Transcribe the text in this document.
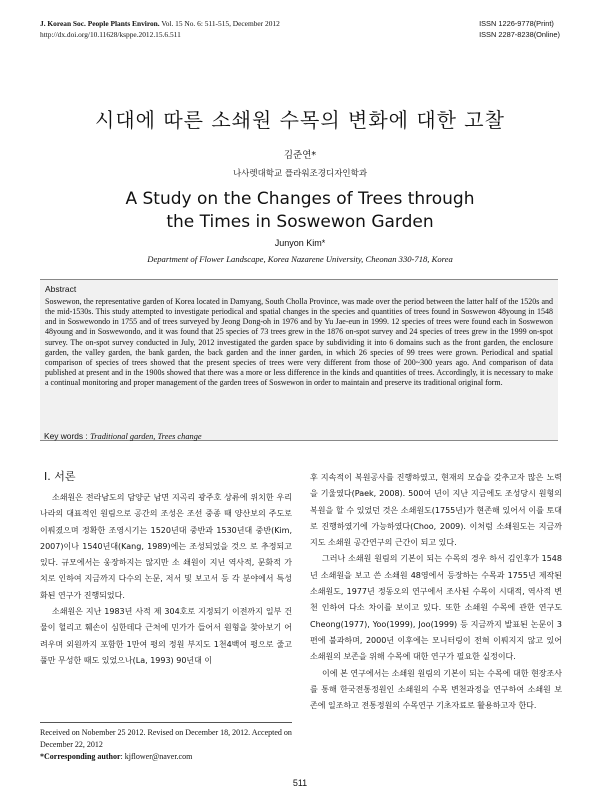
J. Korean Soc. People Plants Environ. Vol. 15 No. 6: 511-515, December 2012
http://dx.doi.org/10.11628/ksppe.2012.15.6.511
ISSN 1226-9778(Print)
ISSN 2287-8238(Online)
시대에 따른 소쇄원 수목의 변화에 대한 고찰
김준연*
나사렛대학교 플라워조경디자인학과
A Study on the Changes of Trees through
the Times in Soswewon Garden
Junyon Kim*
Department of Flower Landscape, Korea Nazarene University, Cheonan 330-718, Korea
Abstract
Soswewon, the representative garden of Korea located in Damyang, South Cholla Province, was made over the period between the latter half of the 1520s and the mid-1530s. This study attempted to investigate periodical and spatial changes in the species and quantities of trees found in Soswewon 48young in 1548 and in Soswewondo in 1755 and of trees surveyed by Jeong Dong-oh in 1976 and by Yu Jae-eun in 1999. 12 species of trees were found each in Soswewon 48young and in Soswewondo, and it was found that 25 species of 73 trees grew in the 1876 on-spot survey and 24 species of trees grew in the 1999 on-spot survey. The on-spot survey conducted in July, 2012 investigated the garden space by subdividing it into 6 domains such as the front garden, the enclosure garden, the valley garden, the bank garden, the back garden and the inner garden, in which 26 species of 99 trees were grown. Periodical and spatial comparison of species of trees showed that the present species of trees were very different from those of 200~300 years ago. And comparison of data published at present and in the 1900s showed that there was a more or less difference in the kinds and quantities of trees. Accordingly, it is necessary to make a continual monitoring and proper management of the garden trees of Soswewon in order to maintain and preserve its traditional original form.
Key words : Traditional garden, Trees change
Ⅰ. 서론

소쇄원은 전라남도의 담양군 남면 지곡리 광주호 상류에 위치한 우리나라의 대표적인 원림으로 공간의 조성은 조선 중종 때 양산보의 주도로 이뤄졌으며 정확한 조영시기는 1520년대 중반과 1530년대 중반(Kim, 2007)이나 1540년대(Kang, 1989)에는 조성되었을 것으 로 추정되고 있다. 규모에서는 웅장하지는 않지만 소 쇄원이 지닌 역사적, 문화적 가치로 인하여 지금까지 다수의 논문, 저서 및 보고서 등 각 분야에서 특성화된 연구가 진행되었다.

소쇄원은 지난 1983년 사적 제 304호로 지정되기 이전까지 일부 건물이 헐리고 훼손이 심한데다 근처에 민가가 들어서 원형을 찾아보기 어려우며 외원까지 포함한 1만여 평의 정원 부지도 1천4백여 평으로 줄고 풀만 무성한 때도 있었으나(La, 1993) 90년대 이

후 지속적이 복원공사를 진행하였고, 현재의 모습을 갖추고자 많은 노력을 기울였다(Paek, 2008). 500여 년이 지난 지금에도 조성당시 원형의 복원을 할 수 있었던 것은 소쇄원도(1755년)가 현존해 있어서 이를 토대로 진행하였기에 가능하였다(Choo, 2009). 이처럼 소쇄원도는 지금까지도 소쇄원 공간연구의 근간이 되고 있다.

그러나 소쇄원 원림의 기본이 되는 수목의 경우 하서 김인후가 1548년 소쇄원을 보고 쓴 소쇄원 48영에서 등장하는 수목과 1755년 제작된 소쇄원도, 1977년 정동오의 연구에서 조사된 수목이 시대적, 역사적 변천 인하여 다소 차이를 보이고 있다. 또한 소쇄원 수목에 관한 연구도 Cheong(1977), Yoo(1999), Joo(1999) 등 지금까지 발표된 논문이 3편에 불과하며, 2000년 이후에는 모니터링이 전혀 이뤄지지 않고 있어 소쇄원의 보존을 위해 수목에 대한 연구가 필요한 실정이다.

이에 본 연구에서는 소쇄원 원림의 기본이 되는 수목에 대한 현장조사를 통해 한국전통정원인 소쇄원의 수목 변천과정을 연구하여 소쇄원 보존에 일조하고 전통정원의 수목연구 기초자료로 활용하고자 한다.

Received on Nobember 25 2012. Revised on December 18, 2012. Accepted on December 22, 2012
*Corresponding author: kjflower@naver.com
511
